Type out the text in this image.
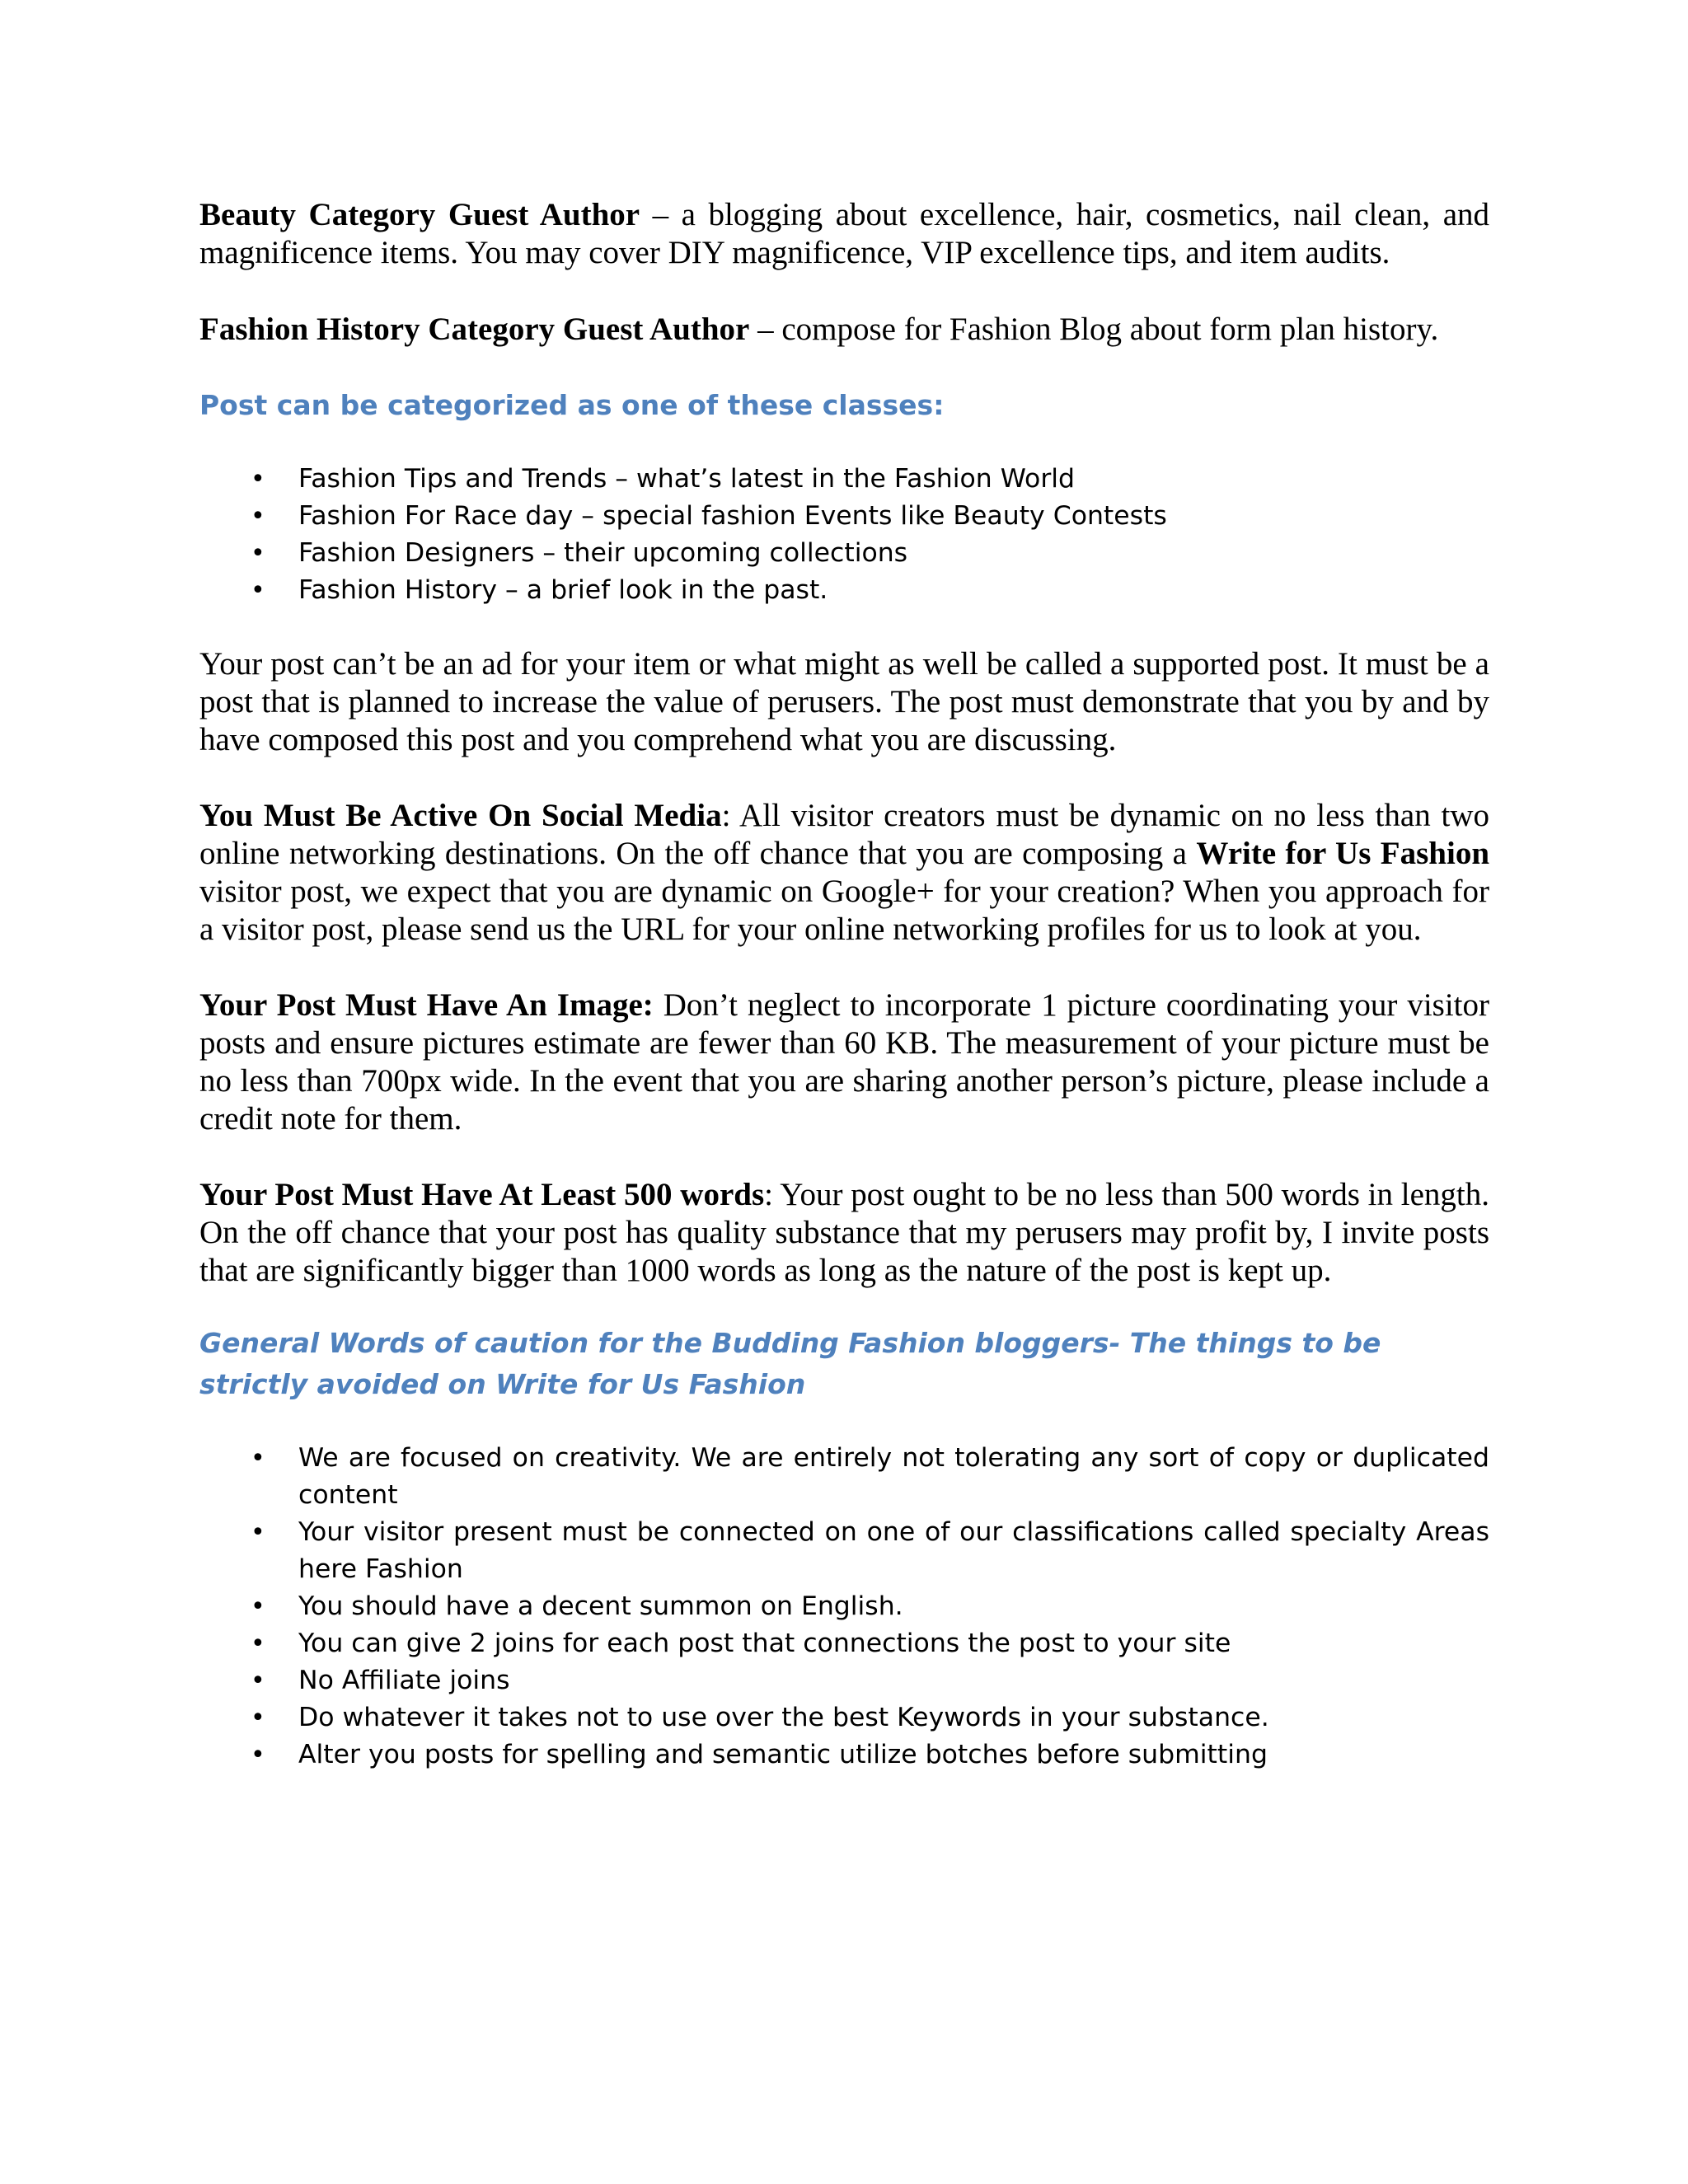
Beauty Category Guest Author – a blogging about excellence, hair, cosmetics, nail clean, and magnificence items. You may cover DIY magnificence, VIP excellence tips, and item audits.

Fashion History Category Guest Author – compose for Fashion Blog about form plan history.

Post can be categorized as one of these classes:

• Fashion Tips and Trends – what’s latest in the Fashion World
• Fashion For Race day – special fashion Events like Beauty Contests
• Fashion Designers – their upcoming collections
• Fashion History – a brief look in the past.

Your post can’t be an ad for your item or what might as well be called a supported post. It must be a post that is planned to increase the value of perusers. The post must demonstrate that you by and by have composed this post and you comprehend what you are discussing.

You Must Be Active On Social Media: All visitor creators must be dynamic on no less than two online networking destinations. On the off chance that you are composing a Write for Us Fashion visitor post, we expect that you are dynamic on Google+ for your creation? When you approach for a visitor post, please send us the URL for your online networking profiles for us to look at you.

Your Post Must Have An Image: Don’t neglect to incorporate 1 picture coordinating your visitor posts and ensure pictures estimate are fewer than 60 KB. The measurement of your picture must be no less than 700px wide. In the event that you are sharing another person’s picture, please include a credit note for them.

Your Post Must Have At Least 500 words: Your post ought to be no less than 500 words in length. On the off chance that your post has quality substance that my perusers may profit by, I invite posts that are significantly bigger than 1000 words as long as the nature of the post is kept up.

General Words of caution for the Budding Fashion bloggers- The things to be strictly avoided on Write for Us Fashion

• We are focused on creativity. We are entirely not tolerating any sort of copy or duplicated content
• Your visitor present must be connected on one of our classifications called specialty Areas here Fashion
• You should have a decent summon on English.
• You can give 2 joins for each post that connections the post to your site
• No Affiliate joins
• Do whatever it takes not to use over the best Keywords in your substance.
• Alter you posts for spelling and semantic utilize botches before submitting
